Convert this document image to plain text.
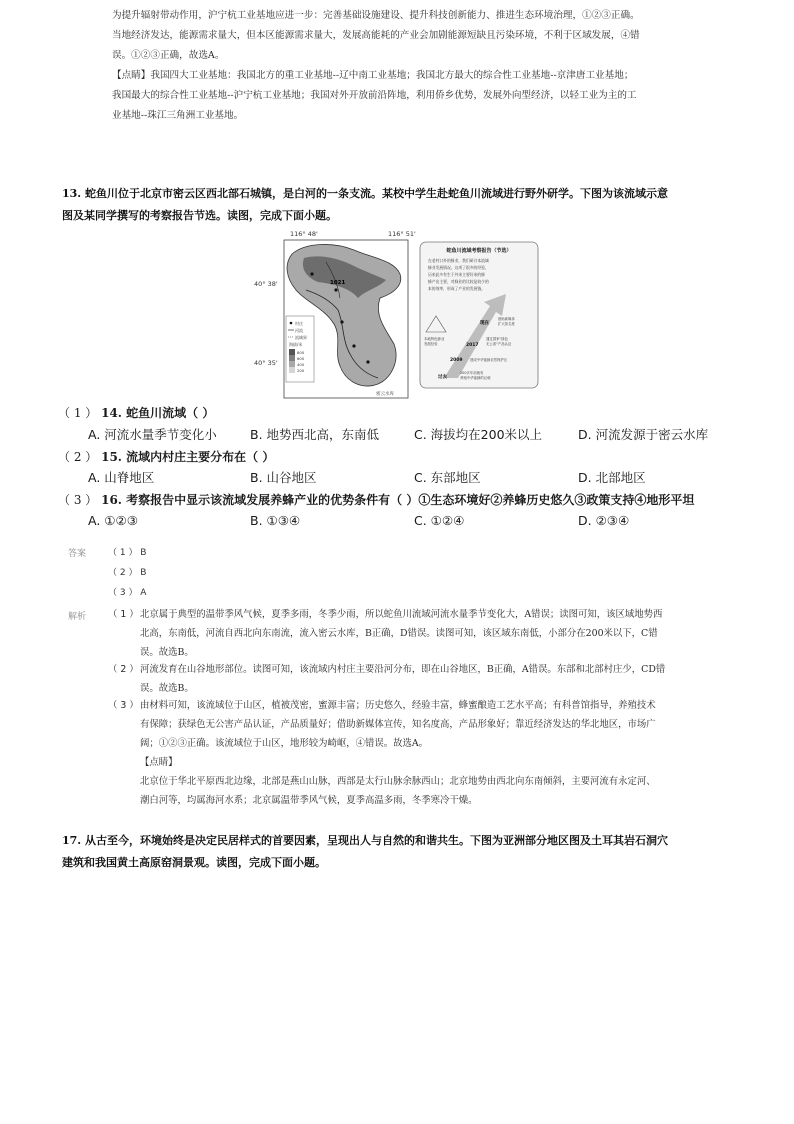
为提升辐射带动作用，沪宁杭工业基地应进一步：完善基础设施建设、提升科技创新能力、推进生态环境治理，①②③正确。

当地经济发达，能源需求量大，但本区能源需求量大，发展高能耗的产业会加剧能源短缺且污染环境，不利于区域发展，④错

误。①②③正确，故选A。

【点睛】我国四大工业基地：我国北方的重工业基地--辽中南工业基地；我国北方最大的综合性工业基地--京津唐工业基地；

我国最大的综合性工业基地--沪宁杭工业基地；我国对外开放前沿阵地，利用侨乡优势，发展外向型经济，以轻工业为主的工

业基地--珠江三角洲工业基地。

13. 蛇鱼川位于北京市密云区西北部石城镇，是白河的一条支流。某校中学生赴蛇鱼川流域进行野外研学。下图为该流域示意

图及某同学撰写的考察报告节选。读图，完成下面小题。

116° 48'	116° 51'
40° 38'
40° 35'
1021
村庄
河流
流域界
海拔/米
800
600
400
200
密云水库
蛇鱼川流域考察报告（节选）
在老村口外的蜂业，我们研讨本流域
蜂业发展情况。这项了很多的经验，
历来此多有生于外来主要好来的蜂
蜂产出主要，对蜂业的比较是较少的
本的效率，形成了产业的发展链。
本地特色蜂业
发展经验
现在
借助新媒体
扩大知名度
2017
通过国家"绿色
无公害"产品认证
2009 建成中华蜜蜂自然保护区
过去
200多年前就有
养殖中华蜜蜂的记载
（ 1 ） 14. 蛇鱼川流域（ ）
A. 河流水量季节变化小	B. 地势西北高，东南低	C. 海拔均在200米以上	D. 河流发源于密云水库
（ 2 ） 15. 流域内村庄主要分布在（ ）
A. 山脊地区	B. 山谷地区	C. 东部地区	D. 北部地区
（ 3 ） 16. 考察报告中显示该流域发展养蜂产业的优势条件有（ ）①生态环境好②养蜂历史悠久③政策支持④地形平坦
A. ①②③	B. ①③④	C. ①②④	D. ②③④
答案 （ 1 ） B
（ 2 ） B
（ 3 ） A
解析 （ 1 ） 北京属于典型的温带季风气候，夏季多雨，冬季少雨，所以蛇鱼川流域河流水量季节变化大，A错误；读图可知，该区域地势西

北高，东南低，河流自西北向东南流，流入密云水库，B正确，D错误。读图可知，该区域东南低，小部分在200米以下，C错

误。故选B。

（ 2 ） 河流发育在山谷地形部位。读图可知，该流域内村庄主要沿河分布，即在山谷地区，B正确，A错误。东部和北部村庄少，CD错

误。故选B。

（ 3 ） 由材料可知，该流域位于山区，植被茂密，蜜源丰富；历史悠久，经验丰富，蜂蜜酿造工艺水平高；有科普馆指导，养殖技术

有保障；获绿色无公害产品认证，产品质量好；借助新媒体宣传，知名度高，产品形象好；靠近经济发达的华北地区，市场广

阔；①②③正确。该流域位于山区，地形较为崎岖，④错误。故选A。

【点睛】

北京位于华北平原西北边缘，北部是燕山山脉，西部是太行山脉余脉西山；北京地势由西北向东南倾斜，主要河流有永定河、

潮白河等，均属海河水系；北京属温带季风气候，夏季高温多雨，冬季寒冷干燥。

17. 从古至今，环境始终是决定民居样式的首要因素，呈现出人与自然的和谐共生。下图为亚洲部分地区图及土耳其岩石洞穴

建筑和我国黄土高原窑洞景观。读图，完成下面小题。
